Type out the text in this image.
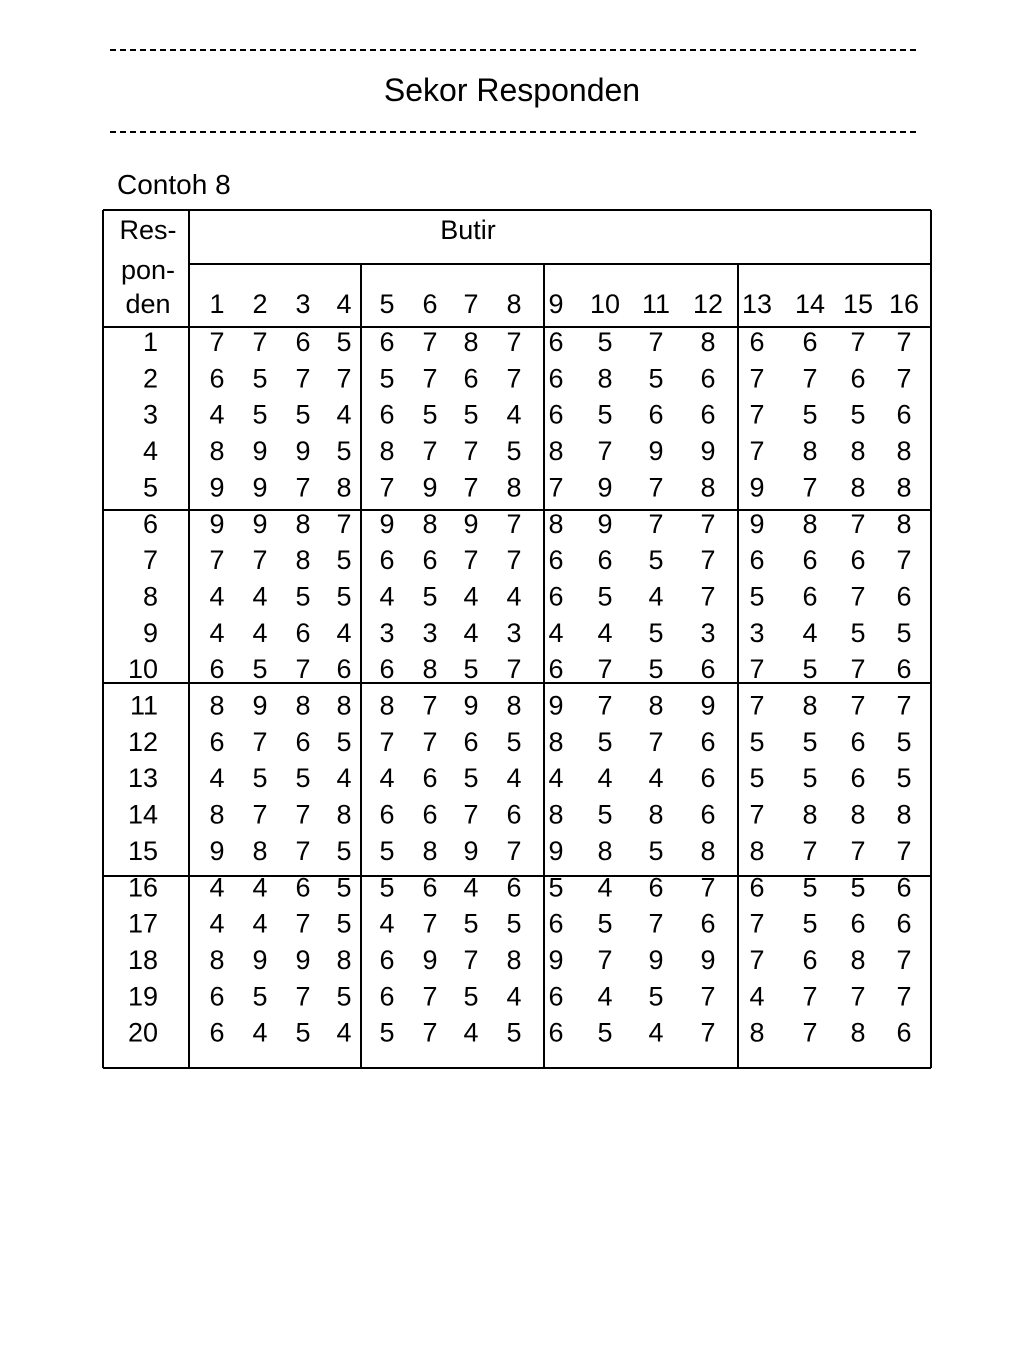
Sekor Responden
Contoh 8
Res-
pon-
den
Butir
1 2 3 4 5 6 7 8 9 10 11 12 13 14 15 16
1 7 7 6 5 6 7 8 7 6 5 7 8 6 6 7 7
2 6 5 7 7 5 7 6 7 6 8 5 6 7 7 6 7
3 4 5 5 4 6 5 5 4 6 5 6 6 7 5 5 6
4 8 9 9 5 8 7 7 5 8 7 9 9 7 8 8 8
5 9 9 7 8 7 9 7 8 7 9 7 8 9 7 8 8
6 9 9 8 7 9 8 9 7 8 9 7 7 9 8 7 8
7 7 7 8 5 6 6 7 7 6 6 5 7 6 6 6 7
8 4 4 5 5 4 5 4 4 6 5 4 7 5 6 7 6
9 4 4 6 4 3 3 4 3 4 4 5 3 3 4 5 5
10 6 5 7 6 6 8 5 7 6 7 5 6 7 5 7 6
11 8 9 8 8 8 7 9 8 9 7 8 9 7 8 7 7
12 6 7 6 5 7 7 6 5 8 5 7 6 5 5 6 5
13 4 5 5 4 4 6 5 4 4 4 4 6 5 5 6 5
14 8 7 7 8 6 6 7 6 8 5 8 6 7 8 8 8
15 9 8 7 5 5 8 9 7 9 8 5 8 8 7 7 7
16 4 4 6 5 5 6 4 6 5 4 6 7 6 5 5 6
17 4 4 7 5 4 7 5 5 6 5 7 6 7 5 6 6
18 8 9 9 8 6 9 7 8 9 7 9 9 7 6 8 7
19 6 5 7 5 6 7 5 4 6 4 5 7 4 7 7 7
20 6 4 5 4 5 7 4 5 6 5 4 7 8 7 8 6
